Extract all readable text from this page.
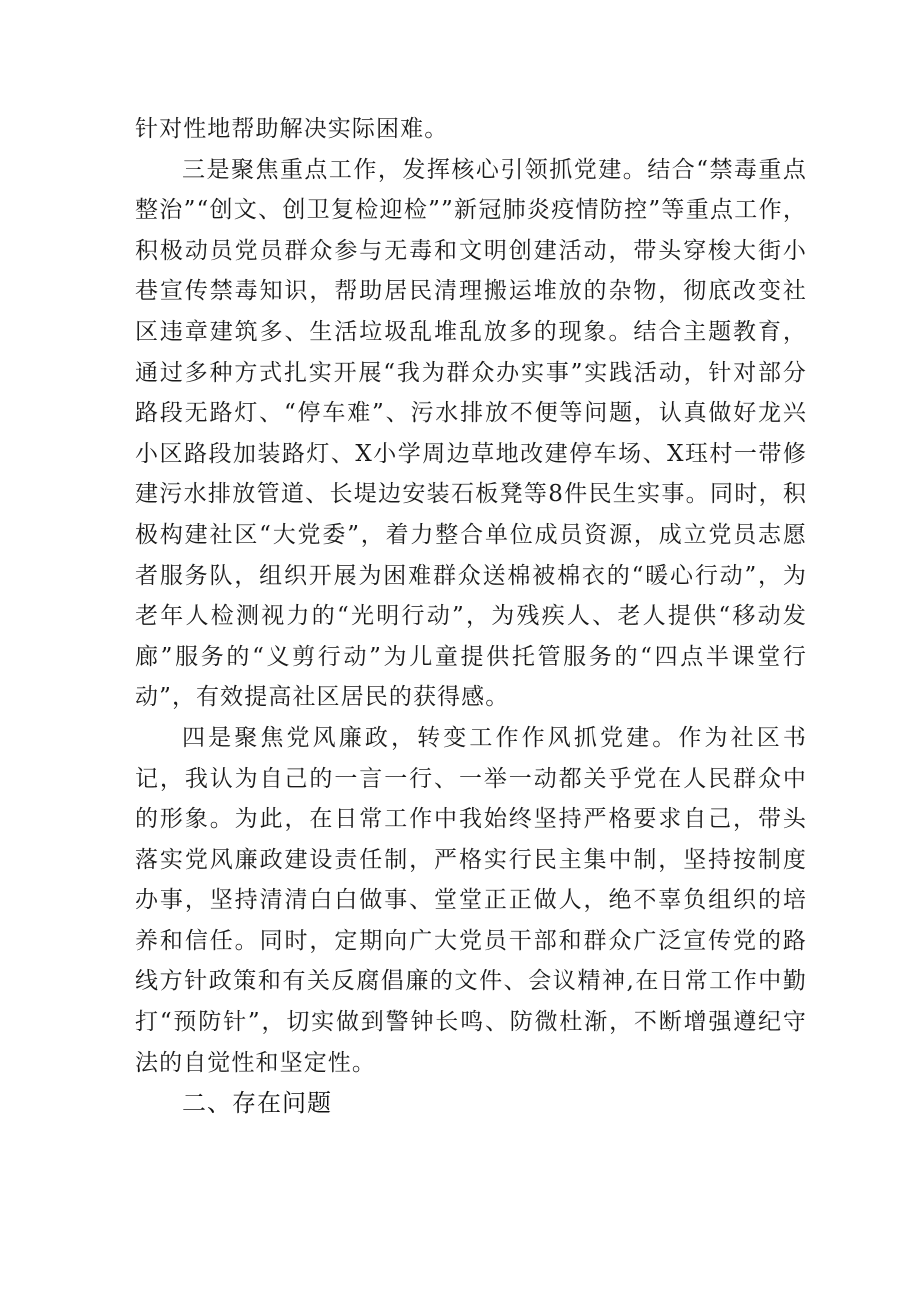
针对性地帮助解决实际困难。

三是聚焦重点工作，发挥核心引领抓党建。结合“禁毒重点整治”“创文、创卫复检迎检””新冠肺炎疫情防控”等重点工作，积极动员党员群众参与无毒和文明创建活动，带头穿梭大街小巷宣传禁毒知识，帮助居民清理搬运堆放的杂物，彻底改变社区违章建筑多、生活垃圾乱堆乱放多的现象。结合主题教育，通过多种方式扎实开展“我为群众办实事”实践活动，针对部分路段无路灯、“停车难”、污水排放不便等问题，认真做好龙兴小区路段加装路灯、X小学周边草地改建停车场、X珏村一带修建污水排放管道、长堤边安装石板凳等8件民生实事。同时，积极构建社区“大党委”，着力整合单位成员资源，成立党员志愿者服务队，组织开展为困难群众送棉被棉衣的“暖心行动”，为老年人检测视力的“光明行动”，为残疾人、老人提供“移动发廊”服务的“义剪行动”为儿童提供托管服务的“四点半课堂行动”，有效提高社区居民的获得感。

四是聚焦党风廉政，转变工作作风抓党建。作为社区书记，我认为自己的一言一行、一举一动都关乎党在人民群众中的形象。为此，在日常工作中我始终坚持严格要求自己，带头落实党风廉政建设责任制，严格实行民主集中制，坚持按制度办事，坚持清清白白做事、堂堂正正做人，绝不辜负组织的培养和信任。同时，定期向广大党员干部和群众广泛宣传党的路线方针政策和有关反腐倡廉的文件、会议精神,在日常工作中勤打“预防针”，切实做到警钟长鸣、防微杜渐，不断增强遵纪守法的自觉性和坚定性。

二、存在问题
